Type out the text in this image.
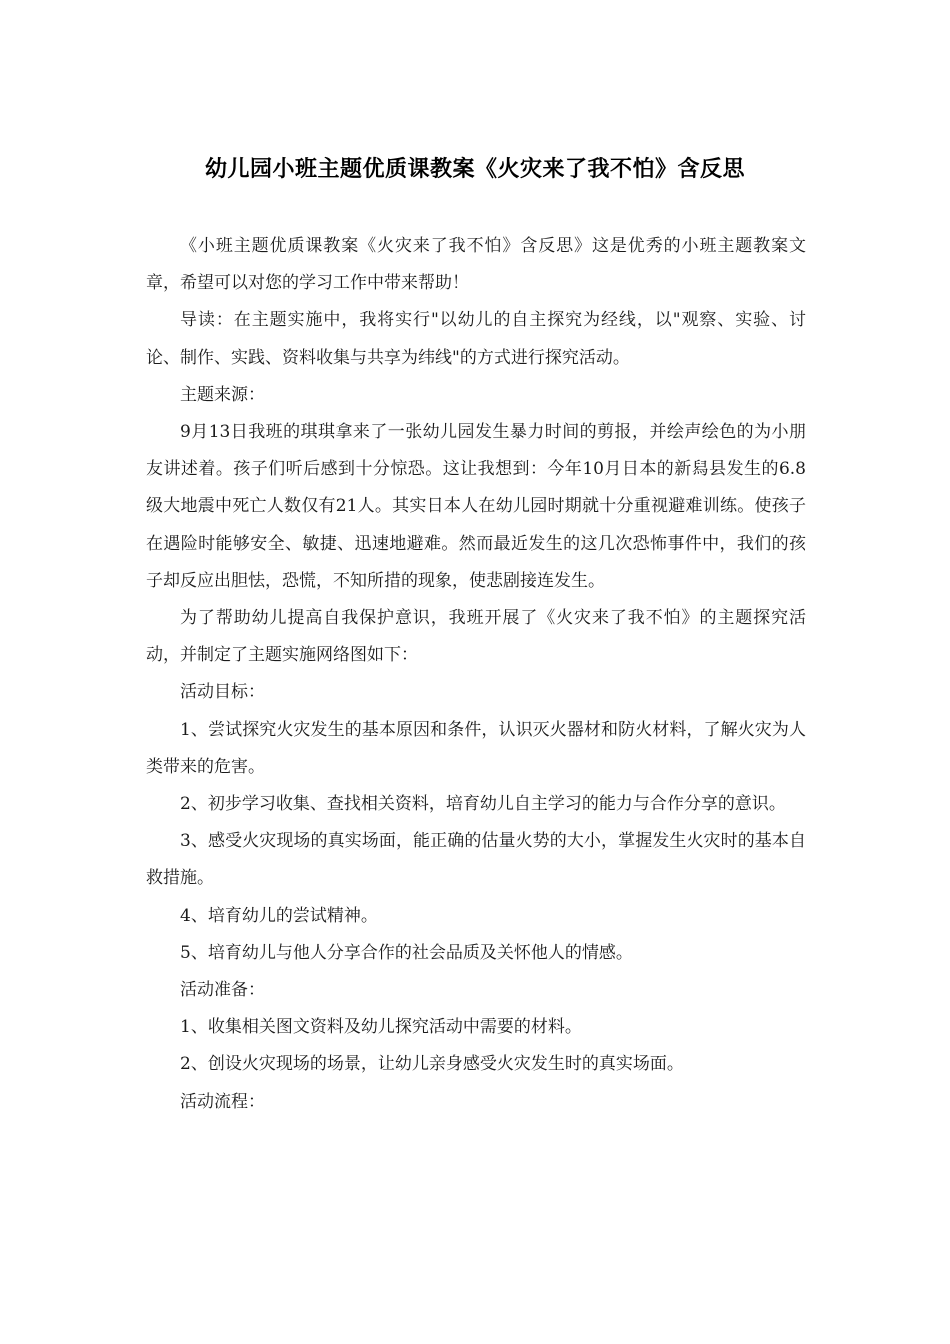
幼儿园小班主题优质课教案《火灾来了我不怕》含反思

《小班主题优质课教案《火灾来了我不怕》含反思》这是优秀的小班主题教案文章，希望可以对您的学习工作中带来帮助！

导读：在主题实施中，我将实行"以幼儿的自主探究为经线，以"观察、实验、讨论、制作、实践、资料收集与共享为纬线"的方式进行探究活动。

主题来源：

9月13日我班的琪琪拿来了一张幼儿园发生暴力时间的剪报，并绘声绘色的为小朋友讲述着。孩子们听后感到十分惊恐。这让我想到：今年10月日本的新舄县发生的6.8级大地震中死亡人数仅有21人。其实日本人在幼儿园时期就十分重视避难训练。使孩子在遇险时能够安全、敏捷、迅速地避难。然而最近发生的这几次恐怖事件中，我们的孩子却反应出胆怯，恐慌，不知所措的现象，使悲剧接连发生。

为了帮助幼儿提高自我保护意识，我班开展了《火灾来了我不怕》的主题探究活动，并制定了主题实施网络图如下：

活动目标：

1、尝试探究火灾发生的基本原因和条件，认识灭火器材和防火材料，了解火灾为人类带来的危害。

2、初步学习收集、查找相关资料，培育幼儿自主学习的能力与合作分享的意识。

3、感受火灾现场的真实场面，能正确的估量火势的大小，掌握发生火灾时的基本自救措施。

4、培育幼儿的尝试精神。

5、培育幼儿与他人分享合作的社会品质及关怀他人的情感。

活动准备：

1、收集相关图文资料及幼儿探究活动中需要的材料。

2、创设火灾现场的场景，让幼儿亲身感受火灾发生时的真实场面。

活动流程：
